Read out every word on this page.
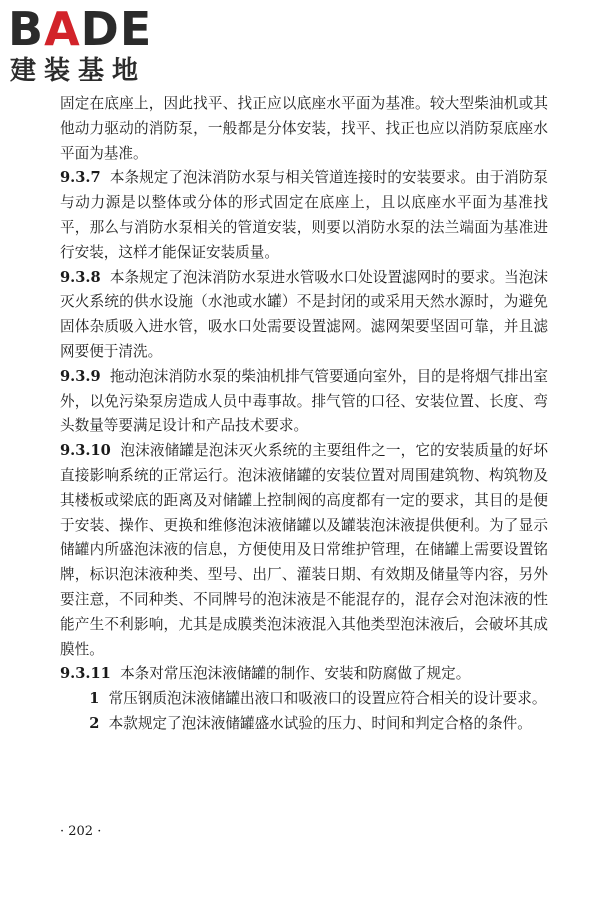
BADE
建装基地

固定在底座上，因此找平、找正应以底座水平面为基准。较大型柴油机或其他动力驱动的消防泵，一般都是分体安装，找平、找正也应以消防泵底座水平面为基准。

9.3.7 本条规定了泡沫消防水泵与相关管道连接时的安装要求。由于消防泵与动力源是以整体或分体的形式固定在底座上，且以底座水平面为基准找平，那么与消防水泵相关的管道安装，则要以消防水泵的法兰端面为基准进行安装，这样才能保证安装质量。

9.3.8 本条规定了泡沫消防水泵进水管吸水口处设置滤网时的要求。当泡沫灭火系统的供水设施（水池或水罐）不是封闭的或采用天然水源时，为避免固体杂质吸入进水管，吸水口处需要设置滤网。滤网架要坚固可靠，并且滤网要便于清洗。

9.3.9 拖动泡沫消防水泵的柴油机排气管要通向室外，目的是将烟气排出室外，以免污染泵房造成人员中毒事故。排气管的口径、安装位置、长度、弯头数量等要满足设计和产品技术要求。

9.3.10 泡沫液储罐是泡沫灭火系统的主要组件之一，它的安装质量的好坏直接影响系统的正常运行。泡沫液储罐的安装位置对周围建筑物、构筑物及其楼板或梁底的距离及对储罐上控制阀的高度都有一定的要求，其目的是便于安装、操作、更换和维修泡沫液储罐以及罐装泡沫液提供便利。为了显示储罐内所盛泡沫液的信息，方便使用及日常维护管理，在储罐上需要设置铭牌，标识泡沫液种类、型号、出厂、灌装日期、有效期及储量等内容，另外要注意，不同种类、不同牌号的泡沫液是不能混存的，混存会对泡沫液的性能产生不利影响，尤其是成膜类泡沫液混入其他类型泡沫液后，会破坏其成膜性。

9.3.11 本条对常压泡沫液储罐的制作、安装和防腐做了规定。

1 常压钢质泡沫液储罐出液口和吸液口的设置应符合相关的设计要求。

2 本款规定了泡沫液储罐盛水试验的压力、时间和判定合格的条件。

· 202 ·
